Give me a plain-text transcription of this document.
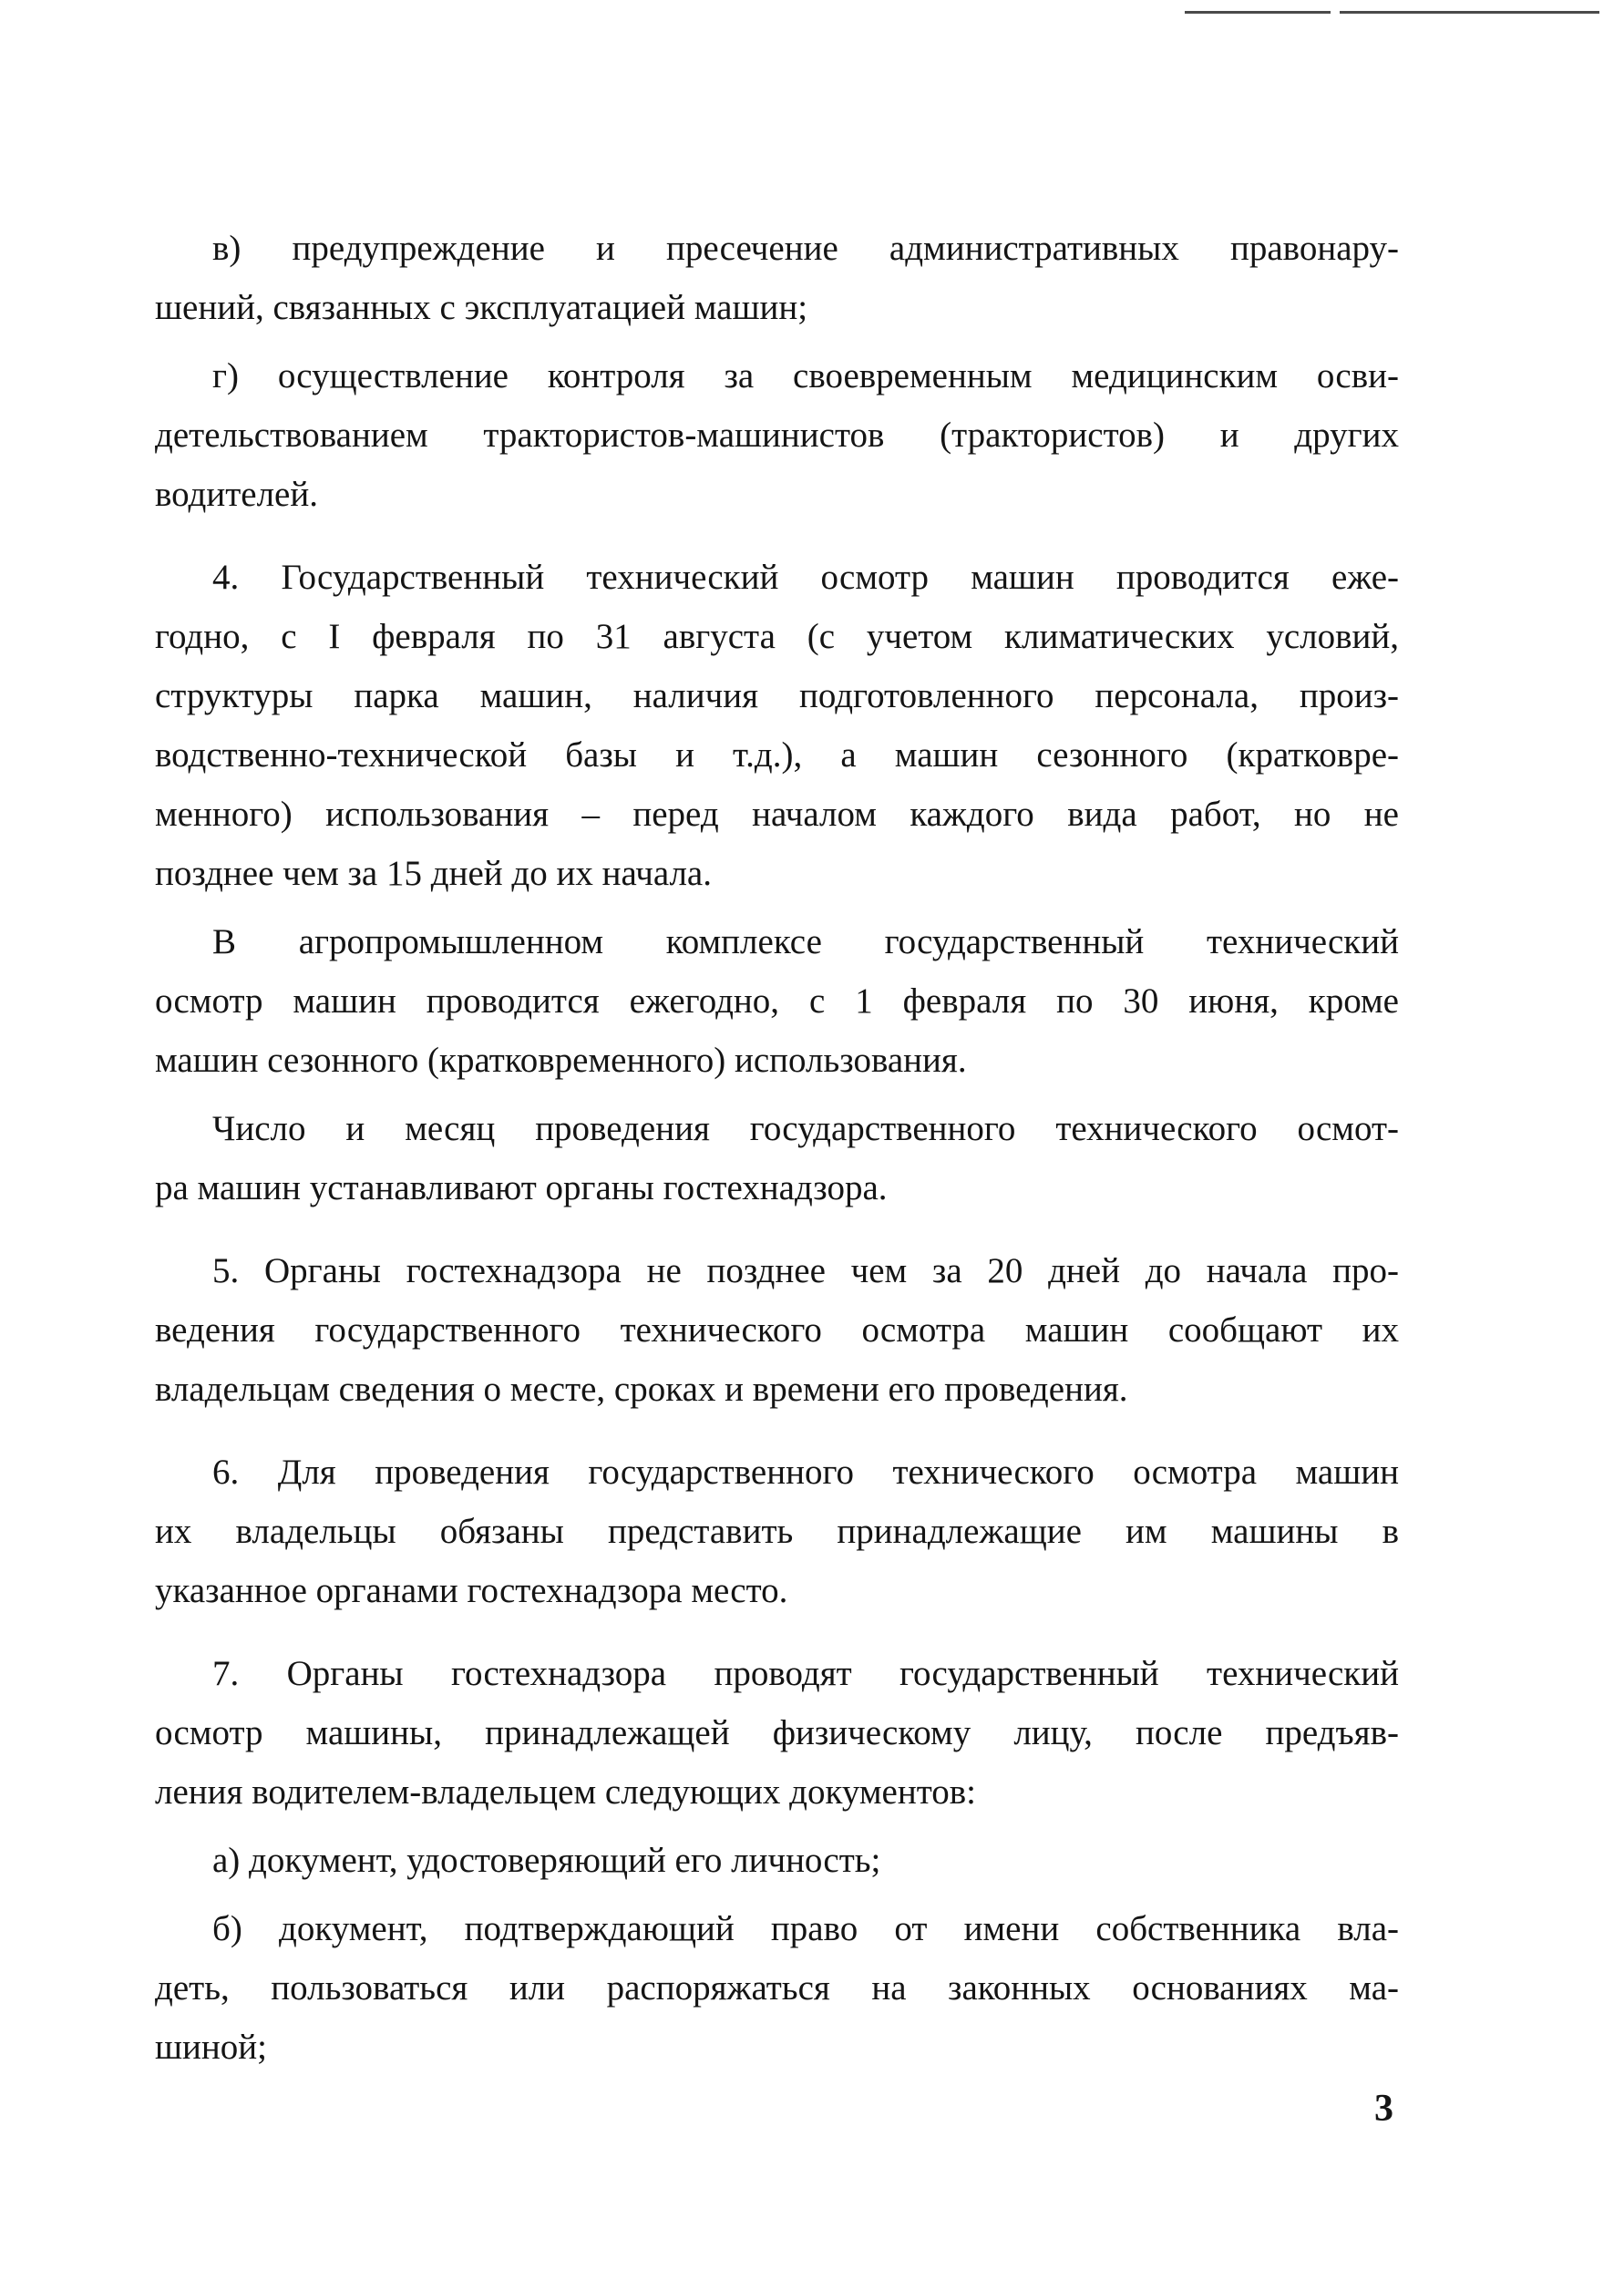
в) предупреждение и пресечение административных правонару-
шений, связанных с эксплуатацией машин;
г) осуществление контроля за своевременным медицинским осви-
детельствованием трактористов-машинистов (трактористов) и других
водителей.
4. Государственный технический осмотр машин проводится еже-
годно, с I февраля по 31 августа (с учетом климатических условий,
структуры парка машин, наличия подготовленного персонала, произ-
водственно-технической базы и т.д.), а машин сезонного (кратковре-
менного) использования – перед началом каждого вида работ, но не
позднее чем за 15 дней до их начала.
В агропромышленном комплексе государственный технический
осмотр машин проводится ежегодно, с 1 февраля по 30 июня, кроме
машин сезонного (кратковременного) использования.
Число и месяц проведения государственного технического осмот-
ра машин устанавливают органы гостехнадзора.
5. Органы гостехнадзора не позднее чем за 20 дней до начала про-
ведения государственного технического осмотра машин сообщают их
владельцам сведения о месте, сроках и времени его проведения.
6. Для проведения государственного технического осмотра машин
их владельцы обязаны представить принадлежащие им машины в
указанное органами гостехнадзора место.
7. Органы гостехнадзора проводят государственный технический
осмотр машины, принадлежащей физическому лицу, после предъяв-
ления водителем-владельцем следующих документов:
а) документ, удостоверяющий его личность;
б) документ, подтверждающий право от имени собственника вла-
деть, пользоваться или распоряжаться на законных основаниях ма-
шиной;
3
